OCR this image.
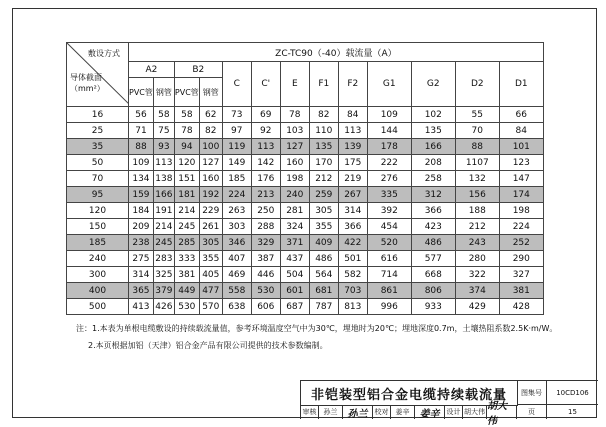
敷设方式
导体截面
（mm²）	ZC-TC90（-40）载流量（A）												
	A2		B2		C	C'	E	F1	F2	G1	G2	D2	D1
	PVC管	钢管	PVC管	钢管									
16	56	58	58	62	73	69	78	82	84	109	102	55	66
25	71	75	78	82	97	92	103	110	113	144	135	70	84
35	88	93	94	100	119	113	127	135	139	178	166	88	101
50	109	113	120	127	149	142	160	170	175	222	208	1107	123
70	134	138	151	160	185	176	198	212	219	276	258	132	147
95	159	166	181	192	224	213	240	259	267	335	312	156	174
120	184	191	214	229	263	250	281	305	314	392	366	188	198
150	209	214	245	261	303	288	324	355	366	454	423	212	224
185	238	245	285	305	346	329	371	409	422	520	486	243	252
240	275	283	333	355	407	387	437	486	501	616	577	280	290
300	314	325	381	405	469	446	504	564	582	714	668	322	327
400	365	379	449	477	558	530	601	681	703	861	806	374	381
500	413	426	530	570	638	606	687	787	813	996	933	429	428
注：1.本表为单根电缆敷设的持续载流量值，参考环境温度空气中为30℃，埋地时为20℃；埋地深度0.7m，土壤热阻系数2.5K·m/W。
2.本页根据加铝（天津）铝合金产品有限公司提供的技术参数编制。
非铠装型铝合金电缆持续载流量	图集号	10CD106
审核	孙兰	孙兰	校对	姜辛	姜辛	设计 胡大伟 胡大伟
页	15
